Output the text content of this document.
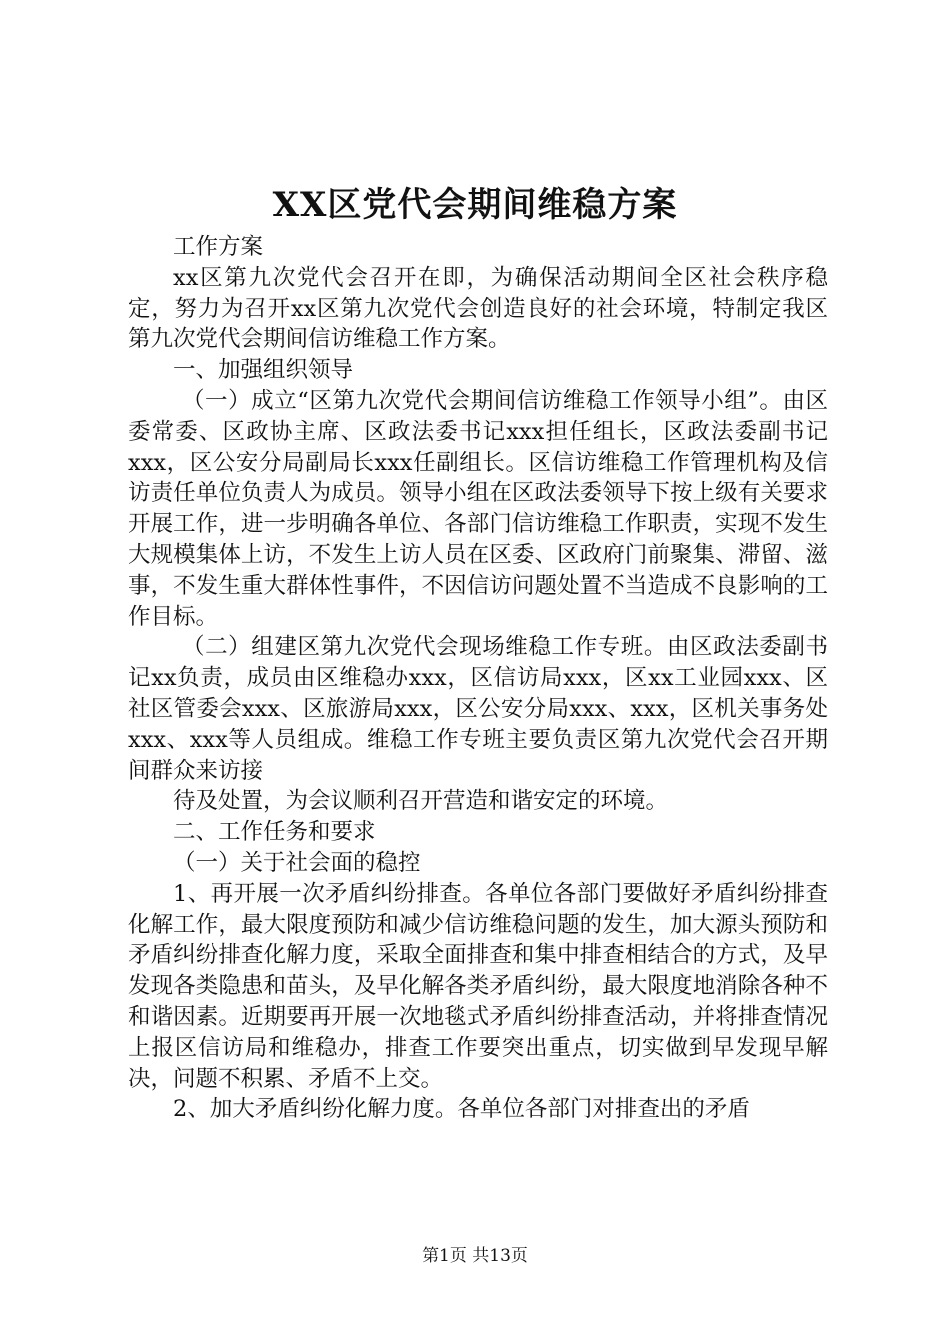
XX区党代会期间维稳方案

工作方案

xx区第九次党代会召开在即，为确保活动期间全区社会秩序稳定，努力为召开xx区第九次党代会创造良好的社会环境，特制定我区第九次党代会期间信访维稳工作方案。

一、加强组织领导

（一）成立“区第九次党代会期间信访维稳工作领导小组”。由区委常委、区政协主席、区政法委书记xxx担任组长，区政法委副书记xxx，区公安分局副局长xxx任副组长。区信访维稳工作管理机构及信访责任单位负责人为成员。领导小组在区政法委领导下按上级有关要求开展工作，进一步明确各单位、各部门信访维稳工作职责，实现不发生大规模集体上访，不发生上访人员在区委、区政府门前聚集、滞留、滋事，不发生重大群体性事件，不因信访问题处置不当造成不良影响的工作目标。

（二）组建区第九次党代会现场维稳工作专班。由区政法委副书记xx负责，成员由区维稳办xxx，区信访局xxx，区xx工业园xxx、区社区管委会xxx、区旅游局xxx，区公安分局xxx、xxx，区机关事务处xxx、xxx等人员组成。维稳工作专班主要负责区第九次党代会召开期间群众来访接

待及处置，为会议顺利召开营造和谐安定的环境。

二、工作任务和要求

（一）关于社会面的稳控

1、再开展一次矛盾纠纷排查。各单位各部门要做好矛盾纠纷排查化解工作，最大限度预防和减少信访维稳问题的发生，加大源头预防和矛盾纠纷排查化解力度，采取全面排查和集中排查相结合的方式，及早发现各类隐患和苗头，及早化解各类矛盾纠纷，最大限度地消除各种不和谐因素。近期要再开展一次地毯式矛盾纠纷排查活动，并将排查情况上报区信访局和维稳办，排查工作要突出重点，切实做到早发现早解决，问题不积累、矛盾不上交。

2、加大矛盾纠纷化解力度。各单位各部门对排查出的矛盾

第1页 共13页
